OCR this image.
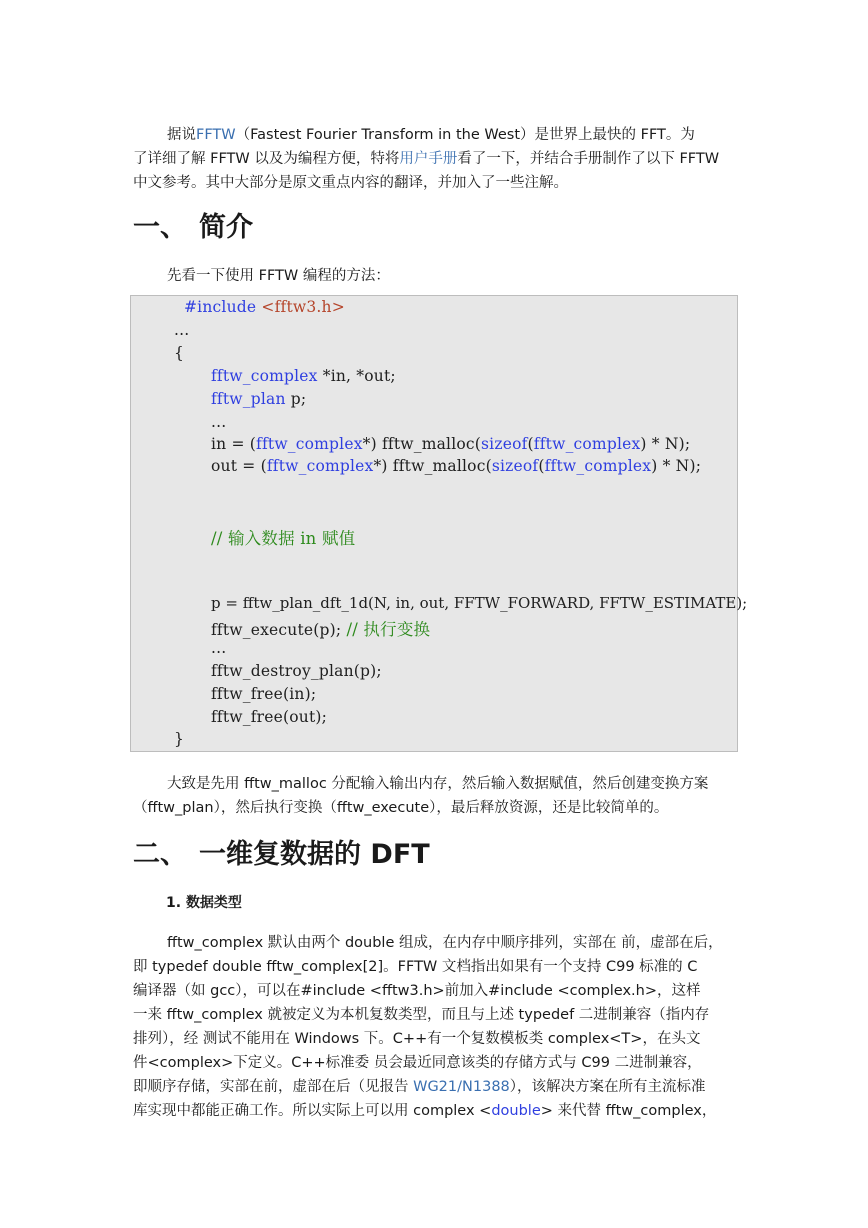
据说FFTW（Fastest Fourier Transform in the West）是世界上最快的 FFT。为
了详细了解 FFTW 以及为编程方便，特将用户手册看了一下，并结合手册制作了以下 FFTW
中文参考。其中大部分是原文重点内容的翻译，并加入了一些注解。
一、 简介
先看一下使用 FFTW 编程的方法：
#include <fftw3.h>
...
{
fftw_complex *in, *out;
fftw_plan p;
...
in = (fftw_complex*) fftw_malloc(sizeof(fftw_complex) * N);
out = (fftw_complex*) fftw_malloc(sizeof(fftw_complex) * N);
// 输入数据 in 赋值
p = fftw_plan_dft_1d(N, in, out, FFTW_FORWARD, FFTW_ESTIMATE);
fftw_execute(p); // 执行变换
...
fftw_destroy_plan(p);
fftw_free(in);
fftw_free(out);
}
大致是先用 fftw_malloc 分配输入输出内存，然后输入数据赋值，然后创建变换方案
（fftw_plan），然后执行变换（fftw_execute），最后释放资源，还是比较简单的。
二、 一维复数据的 DFT
1. 数据类型
fftw_complex 默认由两个 double 组成，在内存中顺序排列，实部在 前，虚部在后，
即 typedef double fftw_complex[2]。FFTW 文档指出如果有一个支持 C99 标准的 C
编译器（如 gcc），可以在#include <fftw3.h>前加入#include <complex.h>，这样
一来 fftw_complex 就被定义为本机复数类型，而且与上述 typedef 二进制兼容（指内存
排列），经 测试不能用在 Windows 下。C++有一个复数模板类 complex<T>，在头文
件<complex>下定义。C++标准委 员会最近同意该类的存储方式与 C99 二进制兼容，
即顺序存储，实部在前，虚部在后（见报告 WG21/N1388），该解决方案在所有主流标准
库实现中都能正确工作。所以实际上可以用 complex <double> 来代替 fftw_complex，
